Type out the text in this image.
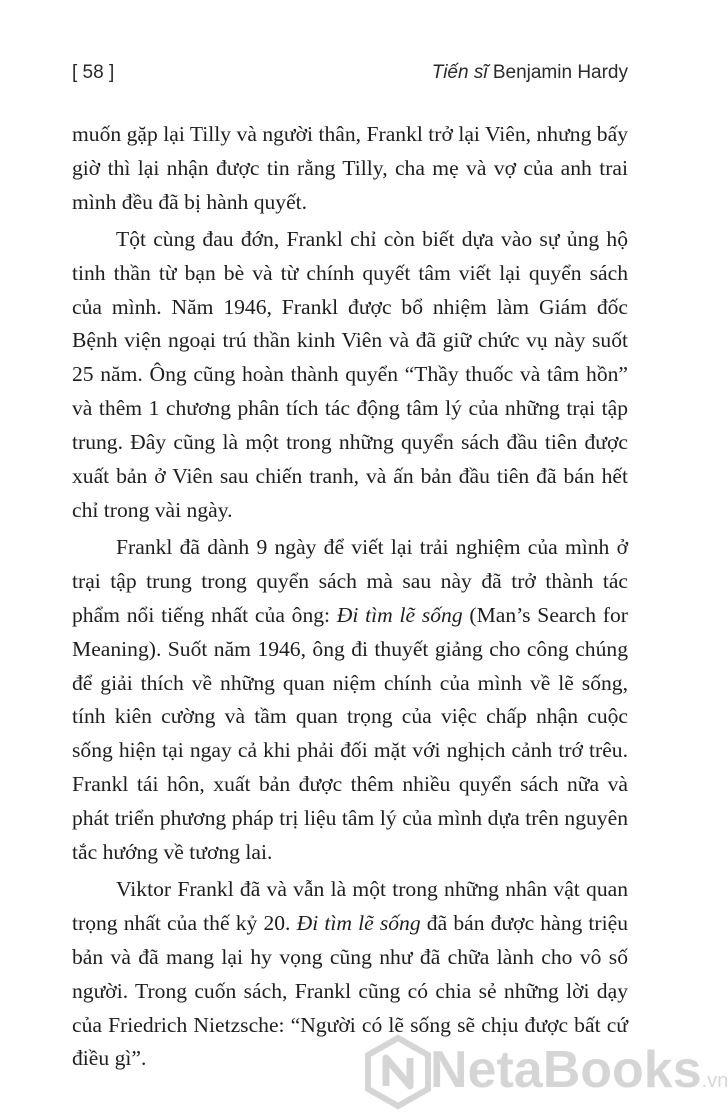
[ 58 ]	Tiến sĩ Benjamin Hardy

muốn gặp lại Tilly và người thân, Frankl trở lại Viên, nhưng bấy giờ thì lại nhận được tin rằng Tilly, cha mẹ và vợ của anh trai mình đều đã bị hành quyết.

Tột cùng đau đớn, Frankl chỉ còn biết dựa vào sự ủng hộ tinh thần từ bạn bè và từ chính quyết tâm viết lại quyển sách của mình. Năm 1946, Frankl được bổ nhiệm làm Giám đốc Bệnh viện ngoại trú thần kinh Viên và đã giữ chức vụ này suốt 25 năm. Ông cũng hoàn thành quyển “Thầy thuốc và tâm hồn” và thêm 1 chương phân tích tác động tâm lý của những trại tập trung. Đây cũng là một trong những quyển sách đầu tiên được xuất bản ở Viên sau chiến tranh, và ấn bản đầu tiên đã bán hết chỉ trong vài ngày.

Frankl đã dành 9 ngày để viết lại trải nghiệm của mình ở trại tập trung trong quyển sách mà sau này đã trở thành tác phẩm nổi tiếng nhất của ông: Đi tìm lẽ sống (Man’s Search for Meaning). Suốt năm 1946, ông đi thuyết giảng cho công chúng để giải thích về những quan niệm chính của mình về lẽ sống, tính kiên cường và tầm quan trọng của việc chấp nhận cuộc sống hiện tại ngay cả khi phải đối mặt với nghịch cảnh trớ trêu. Frankl tái hôn, xuất bản được thêm nhiều quyển sách nữa và phát triển phương pháp trị liệu tâm lý của mình dựa trên nguyên tắc hướng về tương lai.

Viktor Frankl đã và vẫn là một trong những nhân vật quan trọng nhất của thế kỷ 20. Đi tìm lẽ sống đã bán được hàng triệu bản và đã mang lại hy vọng cũng như đã chữa lành cho vô số người. Trong cuốn sách, Frankl cũng có chia sẻ những lời dạy của Friedrich Nietzsche: “Người có lẽ sống sẽ chịu được bất cứ điều gì”.	NetaBooks.vn
